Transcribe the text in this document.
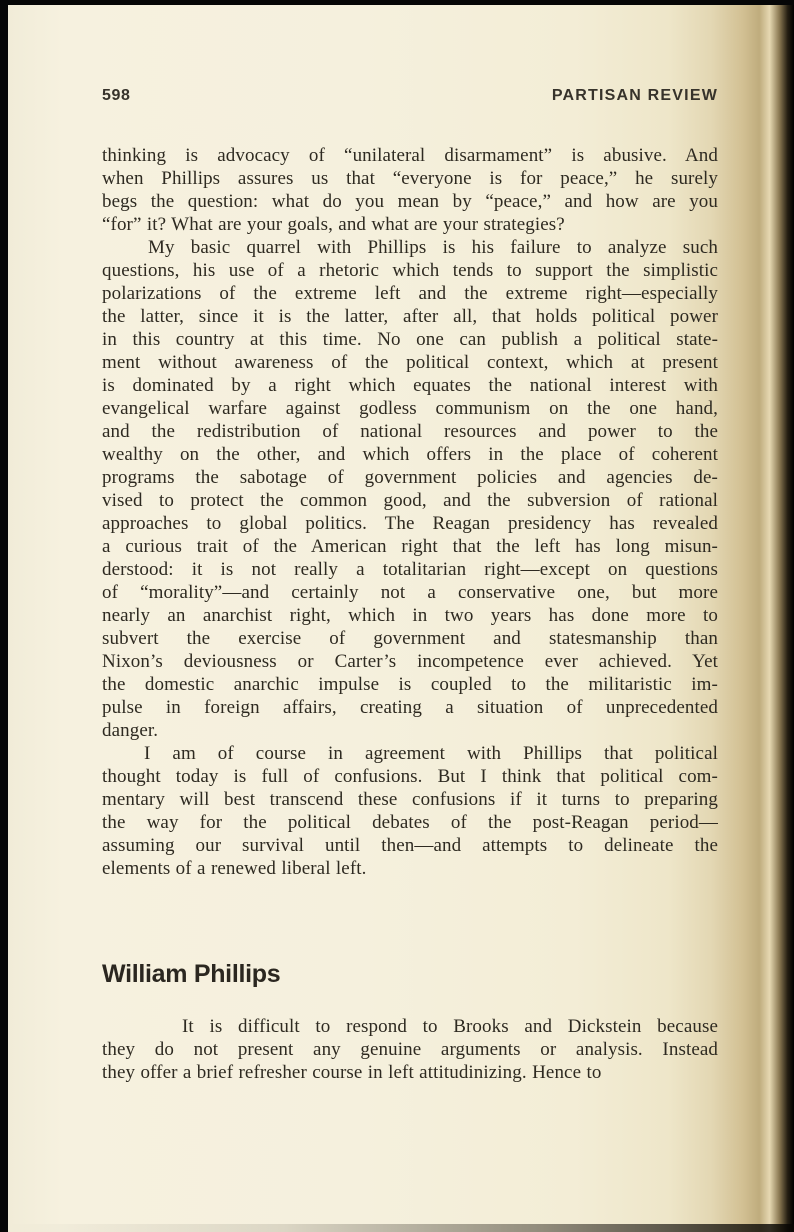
598	PARTISAN REVIEW
thinking is advocacy of “unilateral disarmament” is abusive. And
when Phillips assures us that “everyone is for peace,” he surely
begs the question: what do you mean by “peace,” and how are you
“for” it? What are your goals, and what are your strategies?
My basic quarrel with Phillips is his failure to analyze such
questions, his use of a rhetoric which tends to support the simplistic
polarizations of the extreme left and the extreme right—especially
the latter, since it is the latter, after all, that holds political power
in this country at this time. No one can publish a political state-
ment without awareness of the political context, which at present
is dominated by a right which equates the national interest with
evangelical warfare against godless communism on the one hand,
and the redistribution of national resources and power to the
wealthy on the other, and which offers in the place of coherent
programs the sabotage of government policies and agencies de-
vised to protect the common good, and the subversion of rational
approaches to global politics. The Reagan presidency has revealed
a curious trait of the American right that the left has long misun-
derstood: it is not really a totalitarian right—except on questions
of “morality”—and certainly not a conservative one, but more
nearly an anarchist right, which in two years has done more to
subvert the exercise of government and statesmanship than
Nixon’s deviousness or Carter’s incompetence ever achieved. Yet
the domestic anarchic impulse is coupled to the militaristic im-
pulse in foreign affairs, creating a situation of unprecedented
danger.
I am of course in agreement with Phillips that political
thought today is full of confusions. But I think that political com-
mentary will best transcend these confusions if it turns to preparing
the way for the political debates of the post-Reagan period—
assuming our survival until then—and attempts to delineate the
elements of a renewed liberal left.
William Phillips
It is difficult to respond to Brooks and Dickstein because
they do not present any genuine arguments or analysis. Instead
they offer a brief refresher course in left attitudinizing. Hence to
